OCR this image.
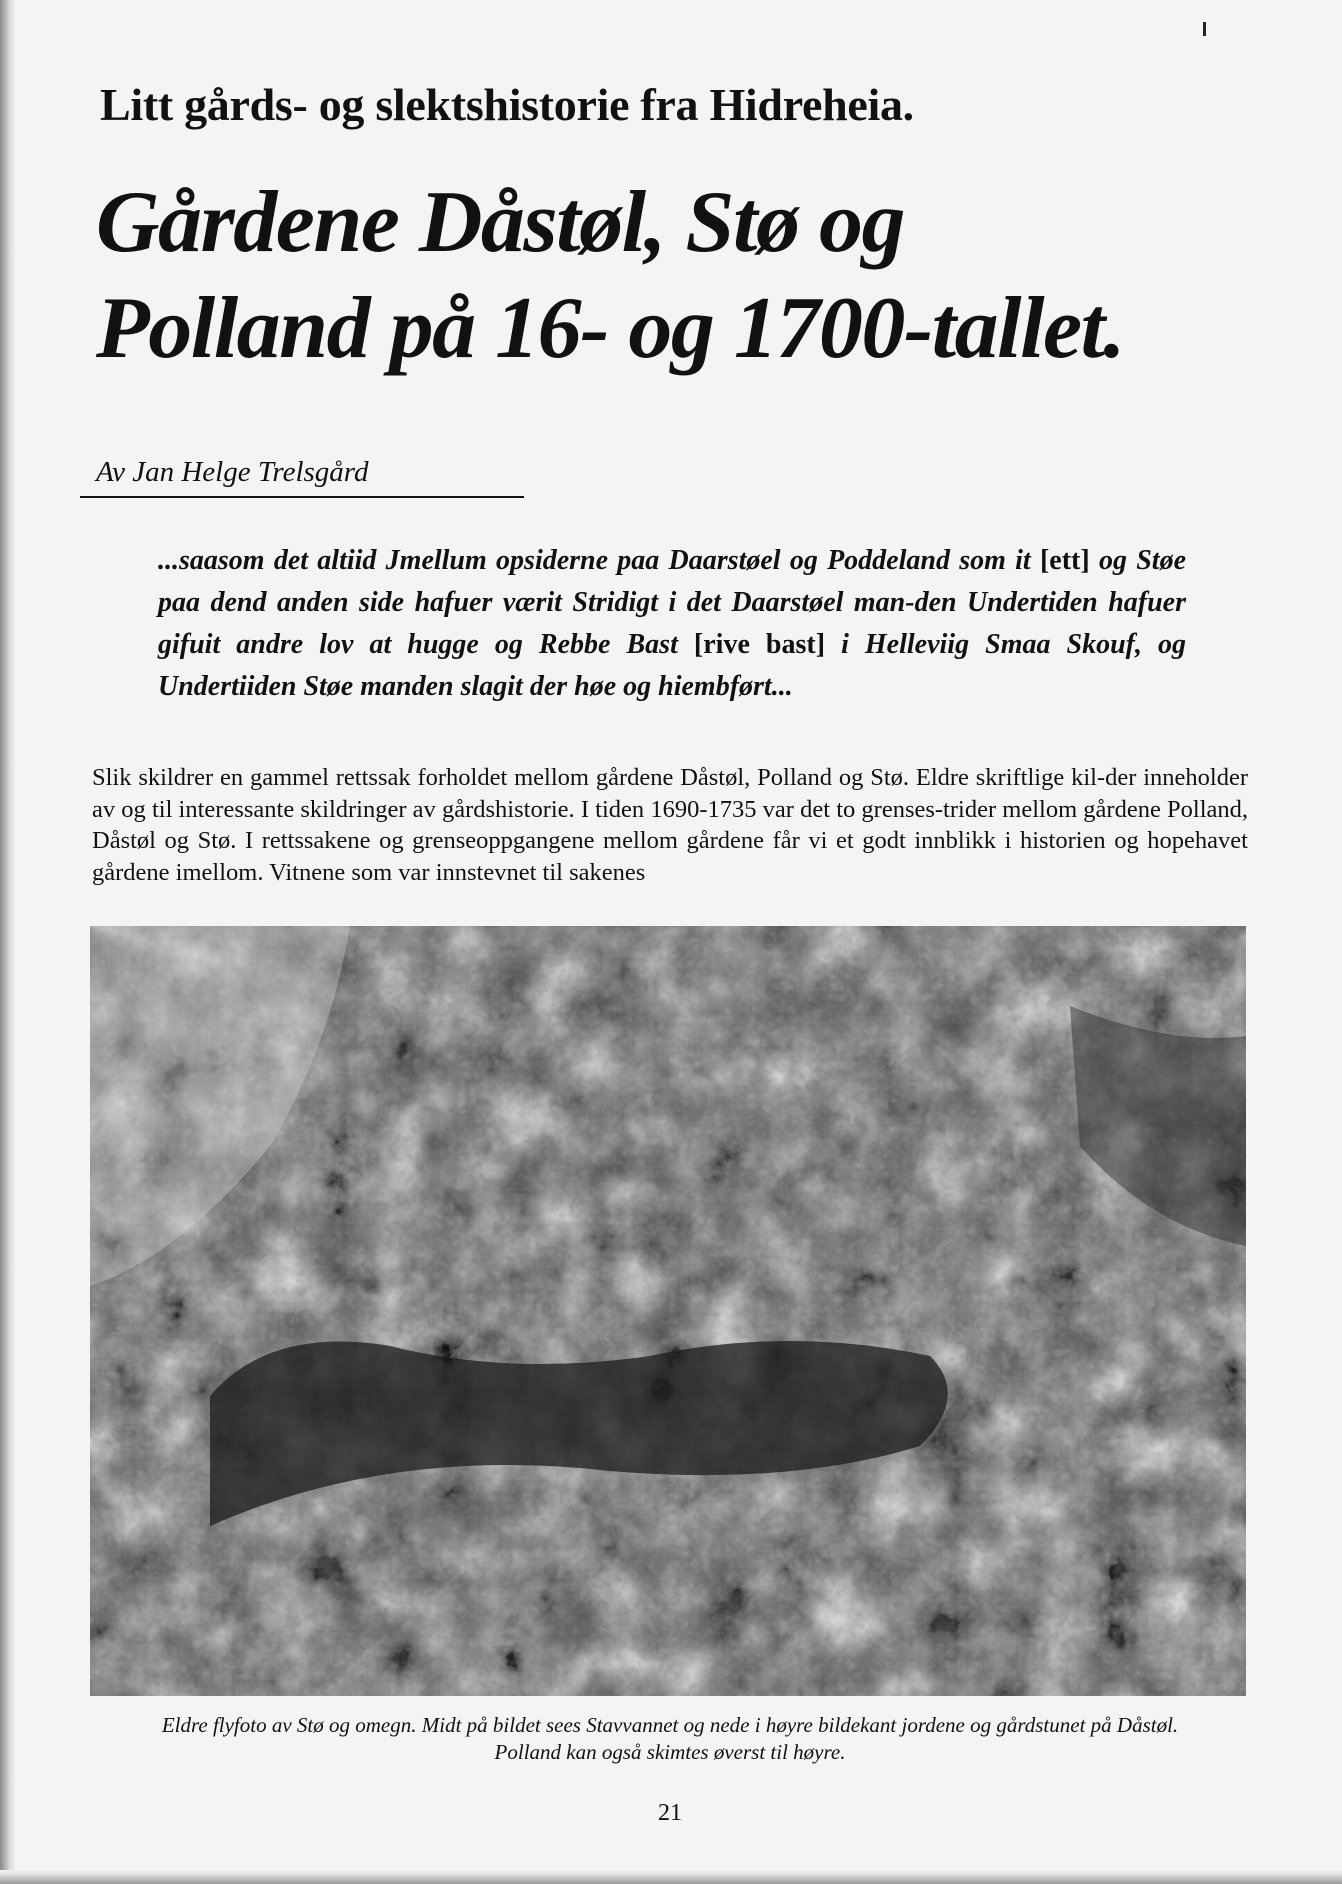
Litt gårds- og slektshistorie fra Hidreheia.
Gårdene Dåstøl, Stø og
Polland på 16- og 1700-tallet.

Av Jan Helge Trelsgård

...saasom det altiid Jmellum opsiderne paa Daarstøel og Poddeland som it [ett] og Støe paa dend anden side hafuer værit Stridigt i det Daarstøel man-den Undertiden hafuer gifuit andre lov at hugge og Rebbe Bast [rive bast] i Helleviig Smaa Skouf, og Undertiiden Støe manden slagit der høe og hiembført...

Slik skildrer en gammel rettssak forholdet mellom gårdene Dåstøl, Polland og Stø. Eldre skriftlige kil-der inneholder av og til interessante skildringer av gårdshistorie. I tiden 1690-1735 var det to grenses-trider mellom gårdene Polland, Dåstøl og Stø. I rettssakene og grenseoppgangene mellom gårdene får vi et godt innblikk i historien og hopehavet gårdene imellom. Vitnene som var innstevnet til sakenes

Eldre flyfoto av Stø og omegn. Midt på bildet sees Stavvannet og nede i høyre bildekant jordene og gårdstunet på Dåstøl. Polland kan også skimtes øverst til høyre.

21
